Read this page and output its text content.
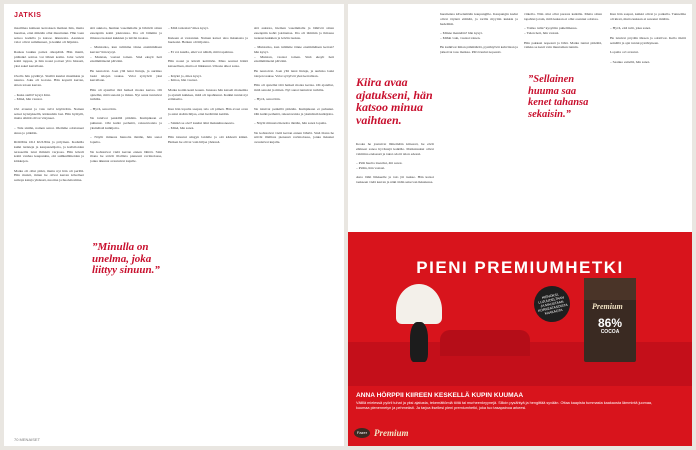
JATKIS
maailmaa kahteen kerroksen matkan hän, mutta huomaa, ettei mikään ollut muuttunut. Hän vaan seisoo kadulla ja katsoo ikkunoita. Asunnon valot olivat sammuneet, ja kaikki oli hiljaista.

Raskas laukku painoi olkapäätä. Hän mietti, pitäisikö soittaa vai lähteä kotiin. Jalat veivät kohti rappua, ja hän nousi portaat ylös hitaasti, yksi askel kerrallaan.

Ovella hän pysähtyi. Sisältä kuului musiikkia ja naurua. Joku oli kotona. Hän koputti kerran, sitten toisen kerran.

– Kuka siellä? kysyi ääni.
– Minä, hän vastasi.

Ovi avautui ja valo tulvi käytävään. Nainen seisoi kynnyksellä, kädessään lasi. Hän hymyili, mutta silmät olivat väsyneet.

– Tule sisään, nainen sanoi. Olemme odottaneet sinua jo pitkään.

ROOMA OLI KUUMA ja pölyinen. Kaduilla kulki turisteja ja kaupustelijoita, ja kahviloiden terasseilla istui ihmisiä varjossa. Hän käveli kohti vanhaa kaupunkia, ohi suihkulähteiden ja kirkkojen.

Matka oli ollut pitkä, mutta nyt hän oli perillä. Hän muisti, miten he olivat kerran kävelleet samoja katuja yhdessä, nuorina ja huolettomina.
sitä aukiota, hieman vasemmalle ja lähtivät sitten eteenpäin kohti jokirantaa. Ilta oli lämmin ja ilmassa tuoksui kukkien ja leivän tuoksu.

– Muistatko, kun tulimme tänne ensimmäisen kerran? hän kysyi.
– Muistan, vastasi toinen. Sinä eksyit heti ensimmäisenä päivänä.

He nauroivat. Joen yllä lensi lintuja, ja aurinko laski talojen taakse. Valot syttyivät yksi kerrallaan.

Hän oli ajatellut tätä hetkeä monta kertaa. Oli ajatellut, mitä sanoisi ja miten. Nyt sanat tuntuivat turhilta.

– Hyvä, sanoi hän.

Ne istuivat penkillä pitkään. Kumpikaan ei puhunut. Ohi kulki perheitä, rakastavaisia ja yksinäisiä kulkijoita.

– Näytit minusta hienolta tänään, hän sanoi lopulta.

Ne kohtasivat vielä kerran ennen lähtöä. Sinä iltana he söivät illallista pienessä ravintolassa, jonka ikkunat avautuivat kujalle.
”Minulla on unelma, joka liittyy sinuun.”
– Mitä tarkoitat? mies kysyi.

Kukaan ei vastannut. Nainen katsoi ulos ikkunasta ja huokaisi. Hetken oli hiljaista.

– Ei voi kuulla, eikä voi nähdä, mitä tapahtuu.

Hän nousi ja käveli keittiöön. Mies seurasi häntä katseellaan, mutta ei liikkunut. Ulkona alkoi sataa.

– Käykö jo, mies kysyi.
– Kiitos, hän vastasi.

Matka kotiin kesti kauan. Junassa hän katseli maisemia ja ajatteli kaikkea, mitä oli tapahtunut. Kaikki tuntui nyt erilaiselta.

Kun hän lopulta saapui, talo oli pimeä. Hän avasi oven ja astui sisään hiljaa, ettei herättäisi ketään.

– Sinäkö se olet? kuului ääni makuuhuoneesta.
– Minä, hän sanoi.

Hän istuutui sängyn laidalle ja otti kädestä kiinni. Hetken he olivat vain hiljaa yhdessä.
sitä aukiota, hieman vasemmalle ja lähtivät sitten eteenpäin kohti jokirantaa. Ilta oli lämmin ja ilmassa tuoksui kukkien ja leivän tuoksu.

– Muistatko, kun tulimme tänne ensimmäisen kerran? hän kysyi.
– Muistan, vastasi toinen. Sinä eksyit heti ensimmäisenä päivänä.

He nauroivat. Joen yllä lensi lintuja, ja aurinko laski talojen taakse. Valot syttyivät yksi kerrallaan.

Hän oli ajatellut tätä hetkeä monta kertaa. Oli ajatellut, mitä sanoisi ja miten. Nyt sanat tuntuivat turhilta.

– Hyvä, sanoi hän.

Ne istuivat penkillä pitkään. Kumpikaan ei puhunut. Ohi kulki perheitä, rakastavaisia ja yksinäisiä kulkijoita.

– Näytit minusta hienolta tänään, hän sanoi lopulta.

Ne kohtasivat vielä kerran ennen lähtöä. Sinä iltana he söivät illallista pienessä ravintolassa, jonka ikkunat avautuivat kujalle.
70 MENAISET
Kiira avaa ajatukseni, hän katsoo minua vaihtaen.
Koska he joutuivat lähtemään kiireesti, he eivät ehtineet sanoa hyvästejä kaikille. Matkalaukut olivat valmiina eteisessä ja taksi odotti talon edessä.

– Pidä huolta itsestäsi, äiti sanoi.
– Pidän, hän vastasi.

Auto lähti liikkeelle ja talo jäi taakse. Hän katsoi taakseen vielä kerran ja näki äidin seisovan ikkunassa.
huomenna kävelemään kaupungille. Kaupungin kadut olivat täynnä elämää, ja torilla myytiin kukkia ja hedelmiä.

– Minne mennään? hän kysyi.
– Mihin vain, vastasi toinen.

He kulkivat ilman päämäärää, pysähtyivät kahvilaan ja jatkoivat taas matkaa. Päivä kului nopeasti.
viikolla. Niin olisi ollut parasta kaikille. Mutta sitten tapahtui jotain, mitä kukaan ei ollut osannut odottaa.

– Voitko tulla? kysyttiin puhelimessa.
– Tulen heti, hän vastasi.

Hän pakkasi nopeasti ja lähti. Matka tuntui pitkältä, vaikka se kesti vain muutaman tunnin.
Kun hän saapui, kaikki olivat jo paikalla. Tunnelma oli kireä, mutta kukaan ei sanonut mitään.

– Hyvä, että tulit, joku sanoi.

He istuivat pöydän ääreen ja odottivat. Kello tikitti seinällä ja ajat tuntui pysähtyneen.

Lopulta ovi avautui.

– Saanko esitellä, hän sanoi.
”Sellainen huuma saa kenet tahansa sekaisin.”
PIENI PREMIUMHETKI
HIENOKSI, LUJUUDELTAAN JA MAUSTAAN KORKEATASOISTA KAAKAOTA
Premium
86%
COCOA
ANNA HÖRPPII KIIREEN KESKELLÄ KUPIN KUUMAA
Välillä mielessä pyörii tuhat ja yksi ajatusta, tekemättömiä töitä tai murheenkryynejä. Silloin pysähtyä ja hengittää syvään. Ottaa kaapista tummasta kaakaosta lämmintä juomaa,
kuumaa pienennetyn ja pehmeästi. Ja tarjoa itsellesi pieni premiumhetki, joka tuo tasapainoa arkeesi.
Fazer Premium
